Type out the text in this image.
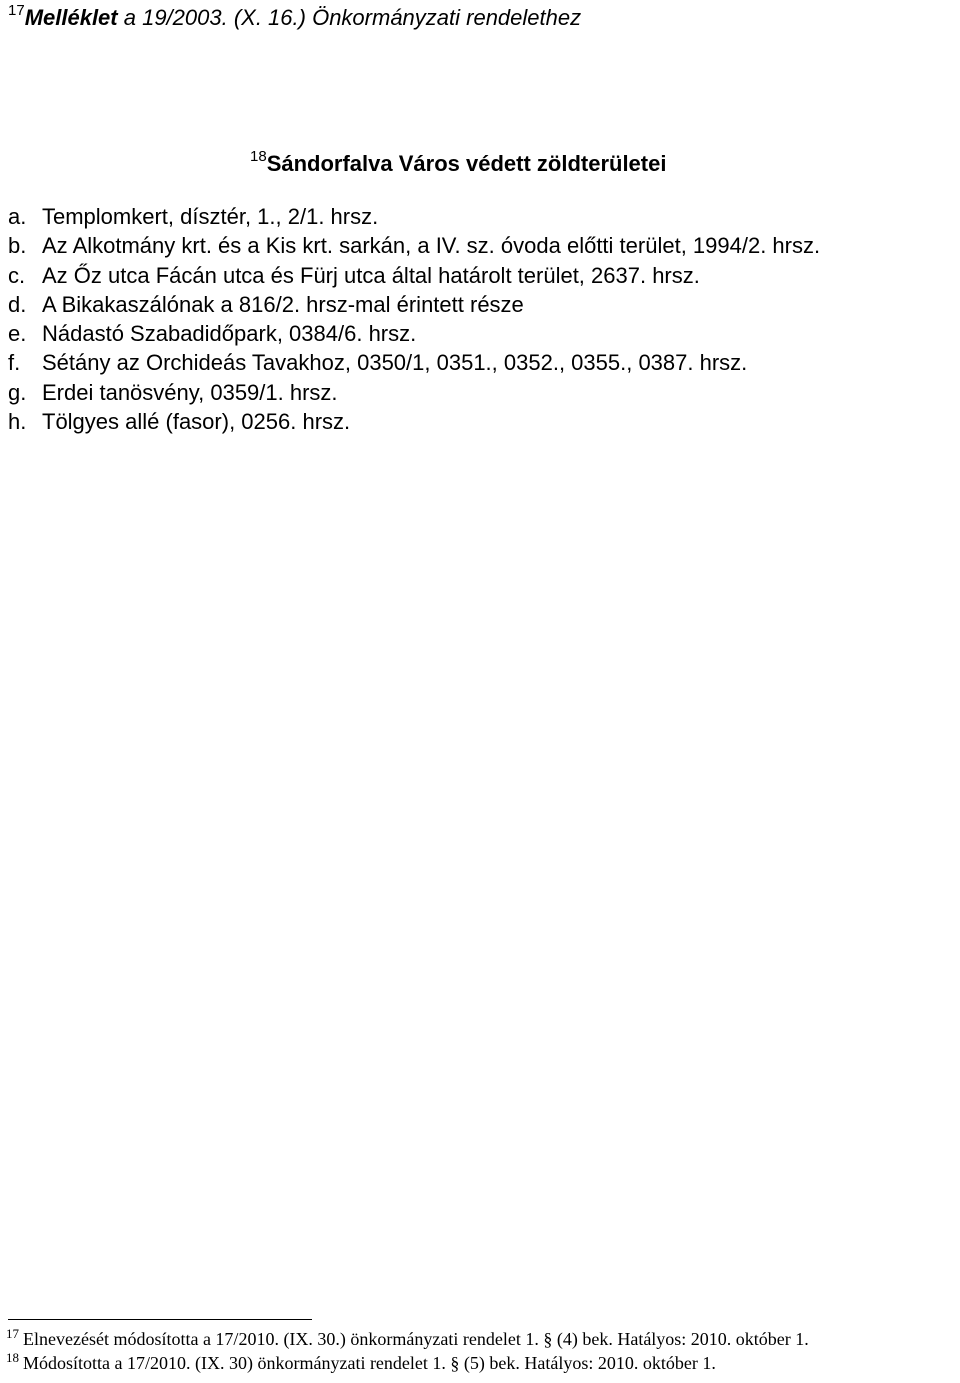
$^{17}$Melléklet a 19/2003. (X. 16.) Önkormányzati rendelethez
$^{18}$Sándorfalva Város védett zöldterületei
a. Templomkert, dísztér, 1., 2/1. hrsz.
b. Az Alkotmány krt. és a Kis krt. sarkán, a IV. sz. óvoda előtti terület, 1994/2. hrsz.
c. Az Őz utca Fácán utca és Fürj utca által határolt terület, 2637. hrsz.
d. A Bikakaszálónak a 816/2. hrsz-mal érintett része
e. Nádastó Szabadidőpark, 0384/6. hrsz.
f. Sétány az Orchideás Tavakhoz, 0350/1, 0351., 0352., 0355., 0387. hrsz.
g. Erdei tanösvény, 0359/1. hrsz.
h. Tölgyes allé (fasor), 0256. hrsz.
$^{17}$ Elnevezését módosította a 17/2010. (IX. 30.) önkormányzati rendelet 1. § (4) bek. Hatályos: 2010. október 1.
$^{18}$ Módosította a 17/2010. (IX. 30) önkormányzati rendelet 1. § (5) bek. Hatályos: 2010. október 1.
